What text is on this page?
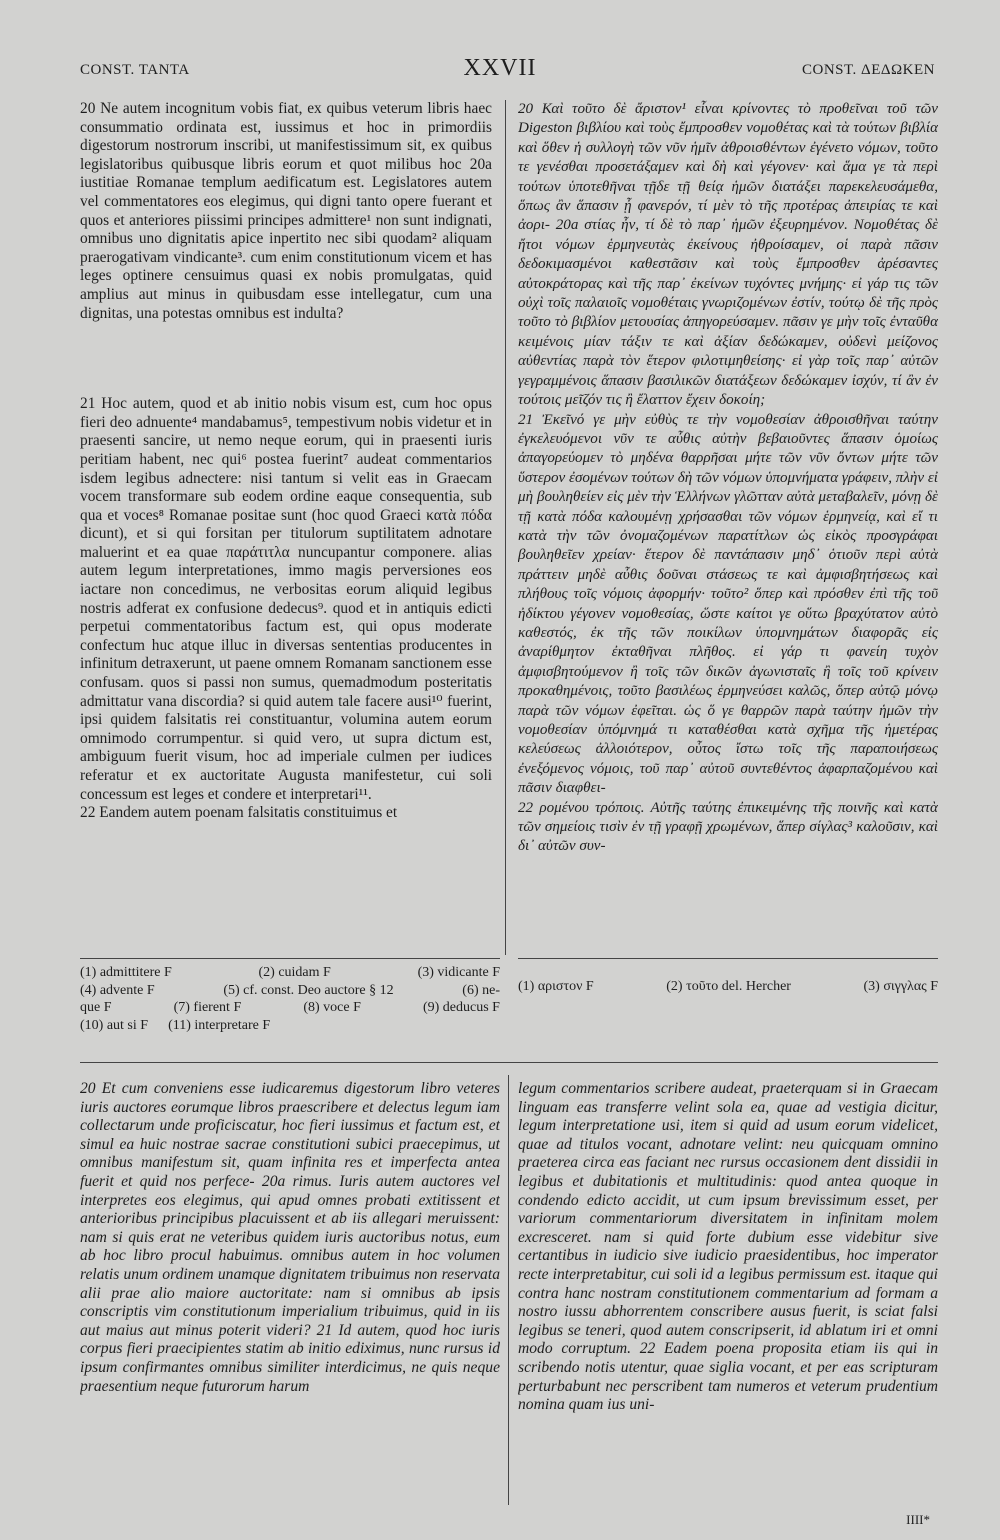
CONST. TANTA	XXVII	CONST. ΔΕΔΩΚΕΝ

20 Ne autem incognitum vobis fiat, ex quibus veterum libris haec consummatio ordinata est, iussimus et hoc in primordiis digestorum nostrorum inscribi, ut manifestissimum sit, ex quibus legislatoribus quibusque libris eorum et quot milibus hoc 20a iustitiae Romanae templum aedificatum est. Legislatores autem vel commentatores eos elegimus, qui digni tanto opere fuerant et quos et anteriores piissimi principes admittere¹ non sunt indignati, omnibus uno dignitatis apice inpertito nec sibi quodam² aliquam praerogativam vindicante³. cum enim constitutionum vicem et has leges optinere censuimus quasi ex nobis promulgatas, quid amplius aut minus in quibusdam esse intellegatur, cum una dignitas, una potestas omnibus est indulta?

21 Hoc autem, quod et ab initio nobis visum est, cum hoc opus fieri deo adnuente⁴ mandabamus⁵, tempestivum nobis videtur et in praesenti sancire, ut nemo neque eorum, qui in praesenti iuris peritiam habent, nec qui⁶ postea fuerint⁷ audeat commentarios isdem legibus adnectere: nisi tantum si velit eas in Graecam vocem transformare sub eodem ordine eaque consequentia, sub qua et voces⁸ Romanae positae sunt (hoc quod Graeci κατὰ πόδα dicunt), et si qui forsitan per titulorum suptilitatem adnotare maluerint et ea quae παράτιτλα nuncupantur componere. alias autem legum interpretationes, immo magis perversiones eos iactare non concedimus, ne verbositas eorum aliquid legibus nostris adferat ex confusione dedecus⁹. quod et in antiquis edicti perpetui commentatoribus factum est, qui opus moderate confectum huc atque illuc in diversas sententias producentes in infinitum detraxerunt, ut paene omnem Romanam sanctionem esse confusam. quos si passi non sumus, quemadmodum posteritatis admittatur vana discordia? si quid autem tale facere ausi¹⁰ fuerint, ipsi quidem falsitatis rei constituantur, volumina autem eorum omnimodo corrumpentur. si quid vero, ut supra dictum est, ambiguum fuerit visum, hoc ad imperiale culmen per iudices referatur et ex auctoritate Augusta manifestetur, cui soli concessum est leges et condere et interpretari¹¹.

22 Eandem autem poenam falsitatis constituimus et

20 Καὶ τοῦτο δὲ ἄριστον¹ εἶναι κρίνοντες τὸ προθεῖναι τοῦ τῶν Digeston βιβλίου καὶ τοὺς ἔμπροσθεν νομοθέτας καὶ τὰ τούτων βιβλία καὶ ὅθεν ἡ συλλογὴ τῶν νῦν ἡμῖν ἀθροισθέντων ἐγένετο νόμων, τοῦτο τε γενέσθαι προσετάξαμεν καὶ δὴ καὶ γέγονεν· καὶ ἅμα γε τὰ περὶ τούτων ὑποτεθῆναι τῇδε τῇ θείᾳ ἡμῶν διατάξει παρεκελευσάμεθα, ὅπως ἂν ἅπασιν ᾖ φανερόν, τί μὲν τὸ τῆς προτέρας ἀπειρίας τε καὶ ἀορι- 20a στίας ἦν, τί δὲ τὸ παρ᾽ ἡμῶν ἐξευρημένον. Νομοθέτας δὲ ἤτοι νόμων ἑρμηνευτὰς ἐκείνους ἠθροίσαμεν, οἱ παρὰ πᾶσιν δεδοκιμασμένοι καθεστᾶσιν καὶ τοὺς ἔμπροσθεν ἀρέσαντες αὐτοκράτορας καὶ τῆς παρ᾽ ἐκείνων τυχόντες μνήμης· εἰ γάρ τις τῶν οὐχὶ τοῖς παλαιοῖς νομοθέταις γνωριζομένων ἐστίν, τούτῳ δὲ τῆς πρὸς τοῦτο τὸ βιβλίον μετουσίας ἀπηγορεύσαμεν. πᾶσιν γε μὴν τοῖς ἐνταῦθα κειμένοις μίαν τάξιν τε καὶ ἀξίαν δεδώκαμεν, οὐδενὶ μείζονος αὐθεντίας παρὰ τὸν ἕτερον φιλοτιμηθείσης· εἰ γὰρ τοῖς παρ᾽ αὐτῶν γεγραμμένοις ἅπασιν βασιλικῶν διατάξεων δεδώκαμεν ἰσχύν, τί ἂν ἐν τούτοις μεῖζόν τις ἢ ἔλαττον ἔχειν δοκοίη;

21 Ἐκεῖνό γε μὴν εὐθὺς τε τὴν νομοθεσίαν ἀθροισθῆναι ταύτην ἐγκελευόμενοι νῦν τε αὖθις αὐτὴν βεβαιοῦντες ἅπασιν ὁμοίως ἀπαγορεύομεν τὸ μηδένα θαρρῆσαι μήτε τῶν νῦν ὄντων μήτε τῶν ὕστερον ἐσομένων τούτων δὴ τῶν νόμων ὑπομνήματα γράφειν, πλὴν εἰ μὴ βουληθείεν εἰς μὲν τὴν Ἑλλήνων γλῶτταν αὐτὰ μεταβαλεῖν, μόνῃ δὲ τῇ κατὰ πόδα καλουμένῃ χρήσασθαι τῶν νόμων ἑρμηνείᾳ, καὶ εἴ τι κατὰ τὴν τῶν ὀνομαζομένων παρατίτλων ὡς εἰκὸς προσγράφαι βουληθεῖεν χρείαν· ἕτερον δὲ παντάπασιν μηδ᾽ ὁτιοῦν περὶ αὐτὰ πράττειν μηδὲ αὖθις δοῦναι στάσεως τε καὶ ἀμφισβητήσεως καὶ πλήθους τοῖς νόμοις ἀφορμήν· τοῦτο² ὅπερ καὶ πρόσθεν ἐπὶ τῆς τοῦ ἠδίκτου γέγονεν νομοθεσίας, ὥστε καίτοι γε οὕτω βραχύτατον αὐτὸ καθεστός, ἐκ τῆς τῶν ποικίλων ὑπομνημάτων διαφορᾶς εἰς ἀναρίθμητον ἐκταθῆναι πλῆθος. εἰ γάρ τι φανείη τυχὸν ἀμφισβητούμενον ἢ τοῖς τῶν δικῶν ἀγωνισταῖς ἢ τοῖς τοῦ κρίνειν προκαθημένοις, τοῦτο βασιλέως ἑρμηνεύσει καλῶς, ὅπερ αὐτῷ μόνῳ παρὰ τῶν νόμων ἐφεῖται. ὡς ὅ γε θαρρῶν παρὰ ταύτην ἡμῶν τὴν νομοθεσίαν ὑπόμνημά τι καταθέσθαι κατὰ σχῆμα τῆς ἡμετέρας κελεύσεως ἀλλοιότερον, οὗτος ἴστω τοῖς τῆς παραποιήσεως ἐνεξόμενος νόμοις, τοῦ παρ᾽ αὐτοῦ συντεθέντος ἀφαρπαζομένου καὶ πᾶσιν διαφθει-

22 ρομένου τρόποις. Αὐτῆς ταύτης ἐπικειμένης τῆς ποινῆς καὶ κατὰ τῶν σημείοις τισὶν ἐν τῇ γραφῇ χρωμένων, ἅπερ σίγλας³ καλοῦσιν, καὶ δι᾽ αὐτῶν συν-

(1) admittitere F	(2) cuidam F	(3) vidicante F
(4) advente F	(5) cf. const. Deo auctore § 12	(6) ne-
que F	(7) fierent F	(8) voce F	(9) deducus F
(10) aut si F (11) interpretare F
(1) αριστον F	(2) τοῦτο del. Hercher	(3) σιγγλας F

20 Et cum conveniens esse iudicaremus digestorum libro veteres iuris auctores eorumque libros praescribere et delectus legum iam collectarum unde proficiscatur, hoc fieri iussimus et factum est, et simul ea huic nostrae sacrae constitutioni subici praecepimus, ut omnibus manifestum sit, quam infinita res et imperfecta antea fuerit et quid nos perfece- 20a rimus. Iuris autem auctores vel interpretes eos elegimus, qui apud omnes probati extitissent et anterioribus principibus placuissent et ab iis allegari meruissent: nam si quis erat ne veteribus quidem iuris auctoribus notus, eum ab hoc libro procul habuimus. omnibus autem in hoc volumen relatis unum ordinem unamque dignitatem tribuimus non reservata alii prae alio maiore auctoritate: nam si omnibus ab ipsis conscriptis vim constitutionum imperialium tribuimus, quid in iis aut maius aut minus poterit videri? 21 Id autem, quod hoc iuris corpus fieri praecipientes statim ab initio ediximus, nunc rursus id ipsum confirmantes omnibus similiter interdicimus, ne quis neque praesentium neque futurorum harum

legum commentarios scribere audeat, praeterquam si in Graecam linguam eas transferre velint sola ea, quae ad vestigia dicitur, legum interpretatione usi, item si quid ad usum eorum videlicet, quae ad titulos vocant, adnotare velint: neu quicquam omnino praeterea circa eas faciant nec rursus occasionem dent dissidii in legibus et dubitationis et multitudinis: quod antea quoque in condendo edicto accidit, ut cum ipsum brevissimum esset, per variorum commentariorum diversitatem in infinitam molem excresceret. nam si quid forte dubium esse videbitur sive certantibus in iudicio sive iudicio praesidentibus, hoc imperator recte interpretabitur, cui soli id a legibus permissum est. itaque qui contra hanc nostram constitutionem commentarium ad formam a nostro iussu abhorrentem conscribere ausus fuerit, is sciat falsi legibus se teneri, quod autem conscripserit, id ablatum iri et omni modo corruptum. 22 Eadem poena proposita etiam iis qui in scribendo notis utentur, quae siglia vocant, et per eas scripturam perturbabunt nec perscribent tam numeros et veterum prudentium nomina quam ius uni-

IIII*
